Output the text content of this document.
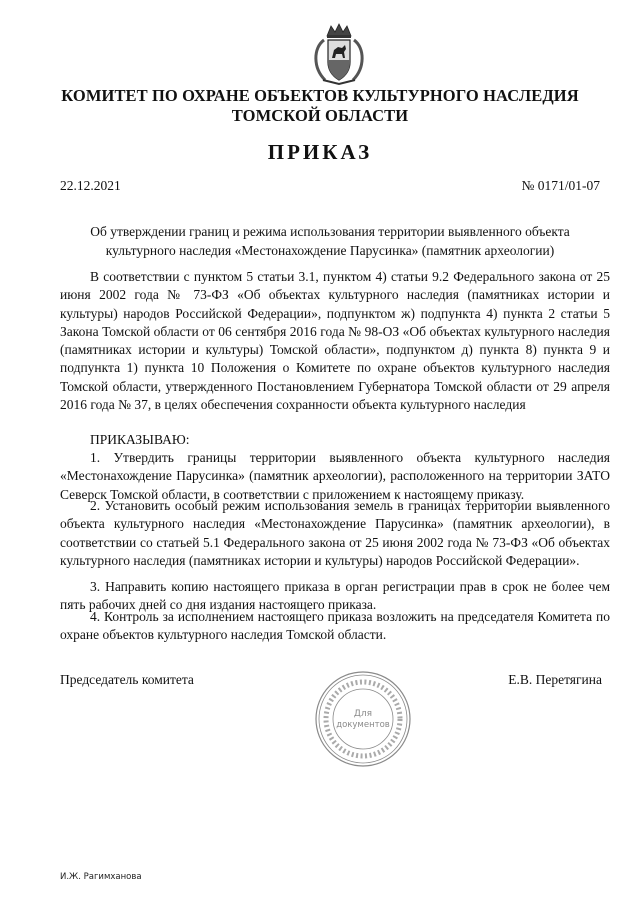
КОМИТЕТ ПО ОХРАНЕ ОБЪЕКТОВ КУЛЬТУРНОГО НАСЛЕДИЯ
ТОМСКОЙ ОБЛАСТИ
ПРИКАЗ
22.12.2021	№ 0171/01-07
Об утверждении границ и режима использования территории выявленного объекта
культурного наследия «Местонахождение Парусинка» (памятник археологии)
В соответствии с пунктом 5 статьи 3.1, пунктом 4) статьи 9.2 Федерального закона от 25 июня 2002 года № 73-ФЗ «Об объектах культурного наследия (памятниках истории и культуры) народов Российской Федерации», подпунктом ж) подпункта 4) пункта 2 статьи 5 Закона Томской области от 06 сентября 2016 года № 98-ОЗ «Об объектах культурного наследия (памятниках истории и культуры) Томской области», подпунктом д) пункта 8) пункта 9 и подпункта 1) пункта 10 Положения о Комитете по охране объектов культурного наследия Томской области, утвержденного Постановлением Губернатора Томской области от 29 апреля 2016 года № 37, в целях обеспечения сохранности объекта культурного наследия
ПРИКАЗЫВАЮ:
1. Утвердить границы территории выявленного объекта культурного наследия «Местонахождение Парусинка» (памятник археологии), расположенного на территории ЗАТО Северск Томской области, в соответствии с приложением к настоящему приказу.
2. Установить особый режим использования земель в границах территории выявленного объекта культурного наследия «Местонахождение Парусинка» (памятник археологии), в соответствии со статьей 5.1 Федерального закона от 25 июня 2002 года № 73-ФЗ «Об объектах культурного наследия (памятниках истории и культуры) народов Российской Федерации».
3. Направить копию настоящего приказа в орган регистрации прав в срок не более чем пять рабочих дней со дня издания настоящего приказа.
4. Контроль за исполнением настоящего приказа возложить на председателя Комитета по охране объектов культурного наследия Томской области.
Председатель комитета	Е.В. Перетягина
Для
документов
И.Ж. Рагимханова
